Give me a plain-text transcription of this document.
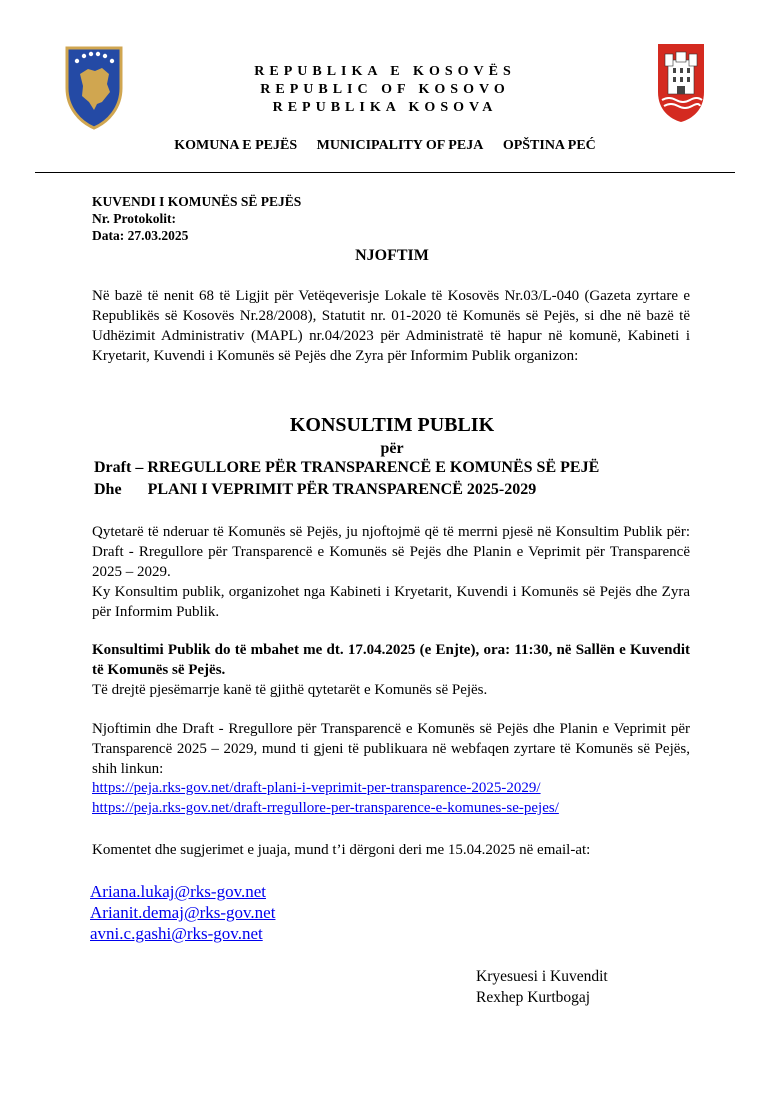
REPUBLIKA E KOSOVËS
REPUBLIC OF KOSOVO
REPUBLIKA KOSOVA
KOMUNA E PEJËS MUNICIPALITY OF PEJA OPŠTINA PEĆ
KUVENDI I KOMUNËS SË PEJËS
Nr. Protokolit:
Data: 27.03.2025
NJOFTIM
Në bazë të nenit 68 të Ligjit për Vetëqeverisje Lokale të Kosovës Nr.03/L-040 (Gazeta zyrtare e Republikës së Kosovës Nr.28/2008), Statutit nr. 01-2020 të Komunës së Pejës, si dhe në bazë të Udhëzimit Administrativ (MAPL) nr.04/2023 për Administratë të hapur në komunë, Kabineti i Kryetarit, Kuvendi i Komunës së Pejës dhe Zyra për Informim Publik organizon:
KONSULTIM PUBLIK
për
Draft – RREGULLORE PËR TRANSPARENCË E KOMUNËS SË PEJË
Dhe PLANI I VEPRIMIT PËR TRANSPARENCË 2025-2029
Qytetarë të nderuar të Komunës së Pejës, ju njoftojmë që të merrni pjesë në Konsultim Publik për: Draft - Rregullore për Transparencë e Komunës së Pejës dhe Planin e Veprimit për Transparencë 2025 – 2029.
Ky Konsultim publik, organizohet nga Kabineti i Kryetarit, Kuvendi i Komunës së Pejës dhe Zyra për Informim Publik.
Konsultimi Publik do të mbahet me dt. 17.04.2025 (e Enjte), ora: 11:30, në Sallën e Kuvendit të Komunës së Pejës.
Të drejtë pjesëmarrje kanë të gjithë qytetarët e Komunës së Pejës.
Njoftimin dhe Draft - Rregullore për Transparencë e Komunës së Pejës dhe Planin e Veprimit për Transparencë 2025 – 2029, mund ti gjeni të publikuara në webfaqen zyrtare të Komunës së Pejës, shih linkun:
https://peja.rks-gov.net/draft-plani-i-veprimit-per-transparence-2025-2029/
https://peja.rks-gov.net/draft-rregullore-per-transparence-e-komunes-se-pejes/
Komentet dhe sugjerimet e juaja, mund t’i dërgoni deri me 15.04.2025 në email-at:
Ariana.lukaj@rks-gov.net
Arianit.demaj@rks-gov.net
avni.c.gashi@rks-gov.net
Kryesuesi i Kuvendit
Rexhep Kurtbogaj
